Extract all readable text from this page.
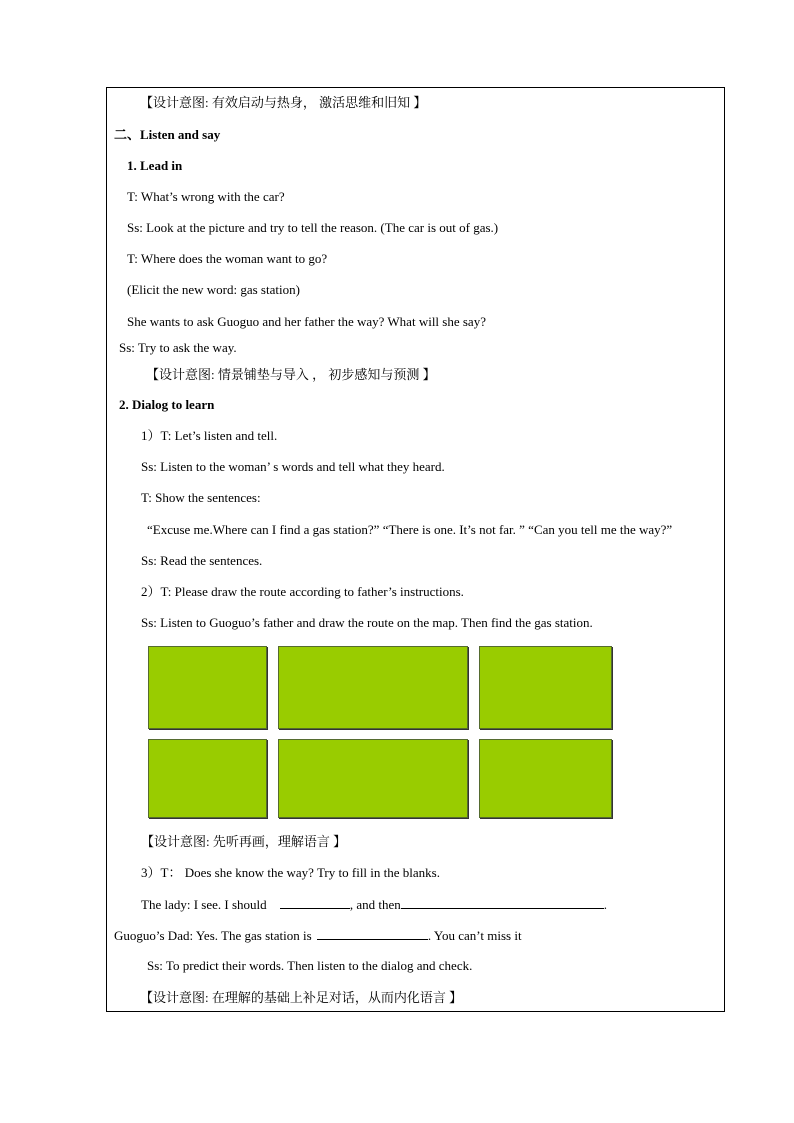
【设计意图: 有效启动与热身， 激活思维和旧知 】
二、Listen and say
1. Lead in
T: What’s wrong with the car?
Ss: Look at the picture and try to tell the reason. (The car is out of gas.)
T: Where does the woman want to go?
(Elicit the new word: gas station)
She wants to ask Guoguo and her father the way? What will she say?
Ss: Try to ask the way.
【设计意图: 情景铺垫与导入 ， 初步感知与预测 】
2. Dialog to learn
1）T: Let’s listen and tell.
Ss: Listen to the woman’ s words and tell what they heard.
T: Show the sentences:
“Excuse me.Where can I find a gas station?” “There is one. It’s not far. ” “Can you tell me the way?”
Ss: Read the sentences.
2）T: Please draw the route according to father’s instructions.
Ss: Listen to Guoguo’s father and draw the route on the map. Then find the gas station.
【设计意图: 先听再画，理解语言 】
3）T： Does she know the way? Try to fill in the blanks.
The lady: I see. I should	, and then	.
Guoguo’s Dad: Yes. The gas station is	. You can’t miss it
Ss: To predict their words. Then listen to the dialog and check.
【设计意图: 在理解的基础上补足对话，从而内化语言 】
